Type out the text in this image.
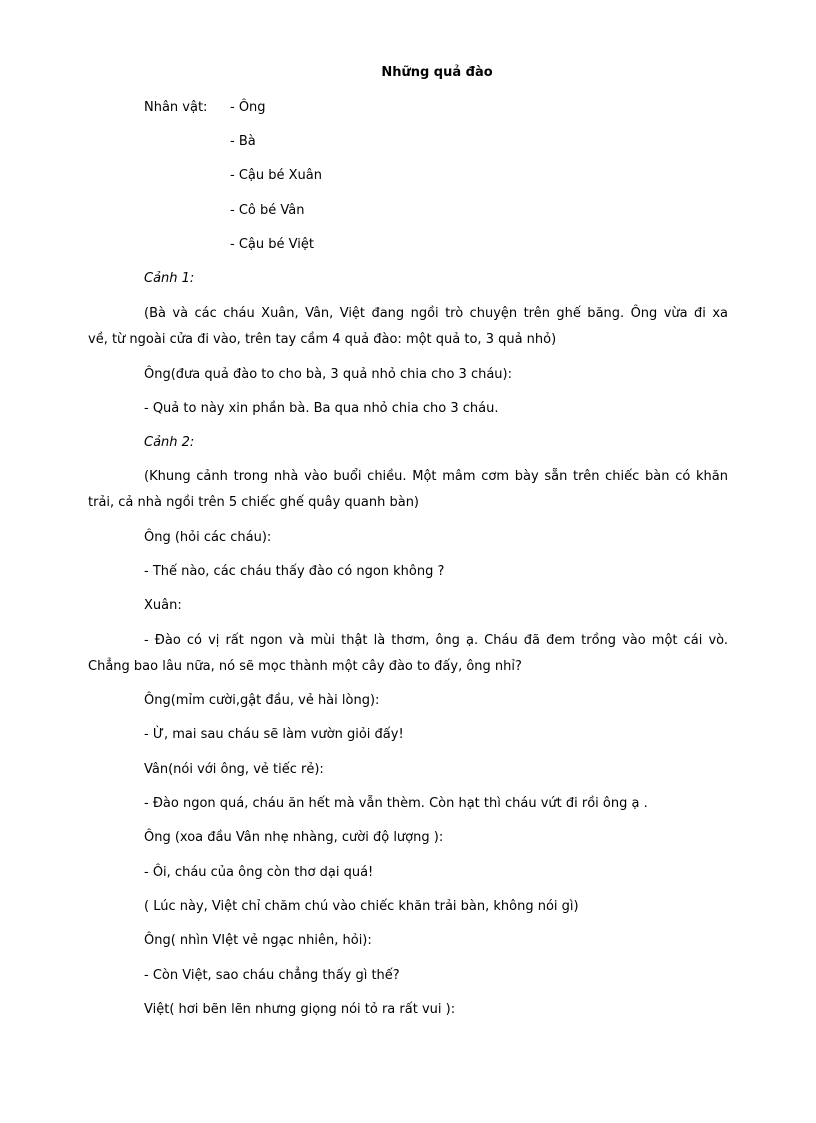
Những quả đào
Nhân vật: - Ông
- Bà
- Cậu bé Xuân
- Cô bé Vân
- Cậu bé Việt
Cảnh 1:
(Bà và các cháu Xuân, Vân, Việt đang ngồi trò chuyện trên ghế băng. Ông vừa đi xa
về, từ ngoài cửa đi vào, trên tay cầm 4 quả đào: một quả to, 3 quả nhỏ)
Ông(đưa quả đào to cho bà, 3 quả nhỏ chia cho 3 cháu):
- Quả to này xin phần bà. Ba qua nhỏ chia cho 3 cháu.
Cảnh 2:
(Khung cảnh trong nhà vào buổi chiều. Một mâm cơm bày sẵn trên chiếc bàn có khăn
trải, cả nhà ngồi trên 5 chiếc ghế quây quanh bàn)
Ông (hỏi các cháu):
- Thế nào, các cháu thấy đào có ngon không ?
Xuân:
- Đào có vị rất ngon và mùi thật là thơm, ông ạ. Cháu đã đem trồng vào một cái vò.
Chẳng bao lâu nữa, nó sẽ mọc thành một cây đào to đấy, ông nhỉ?
Ông(mỉm cười,gật đầu, vẻ hài lòng):
- Ừ, mai sau cháu sẽ làm vườn giỏi đấy!
Vân(nói với ông, vẻ tiếc rẻ):
- Đào ngon quá, cháu ăn hết mà vẫn thèm. Còn hạt thì cháu vứt đi rồi ông ạ .
Ông (xoa đầu Vân nhẹ nhàng, cười độ lượng ):
- Ôi, cháu của ông còn thơ dại quá!
( Lúc này, Việt chỉ chăm chú vào chiếc khăn trải bàn, không nói gì)
Ông( nhìn VIệt vẻ ngạc nhiên, hỏi):
- Còn Việt, sao cháu chẳng thấy gì thế?
Việt( hơi bẽn lẽn nhưng giọng nói tỏ ra rất vui ):
